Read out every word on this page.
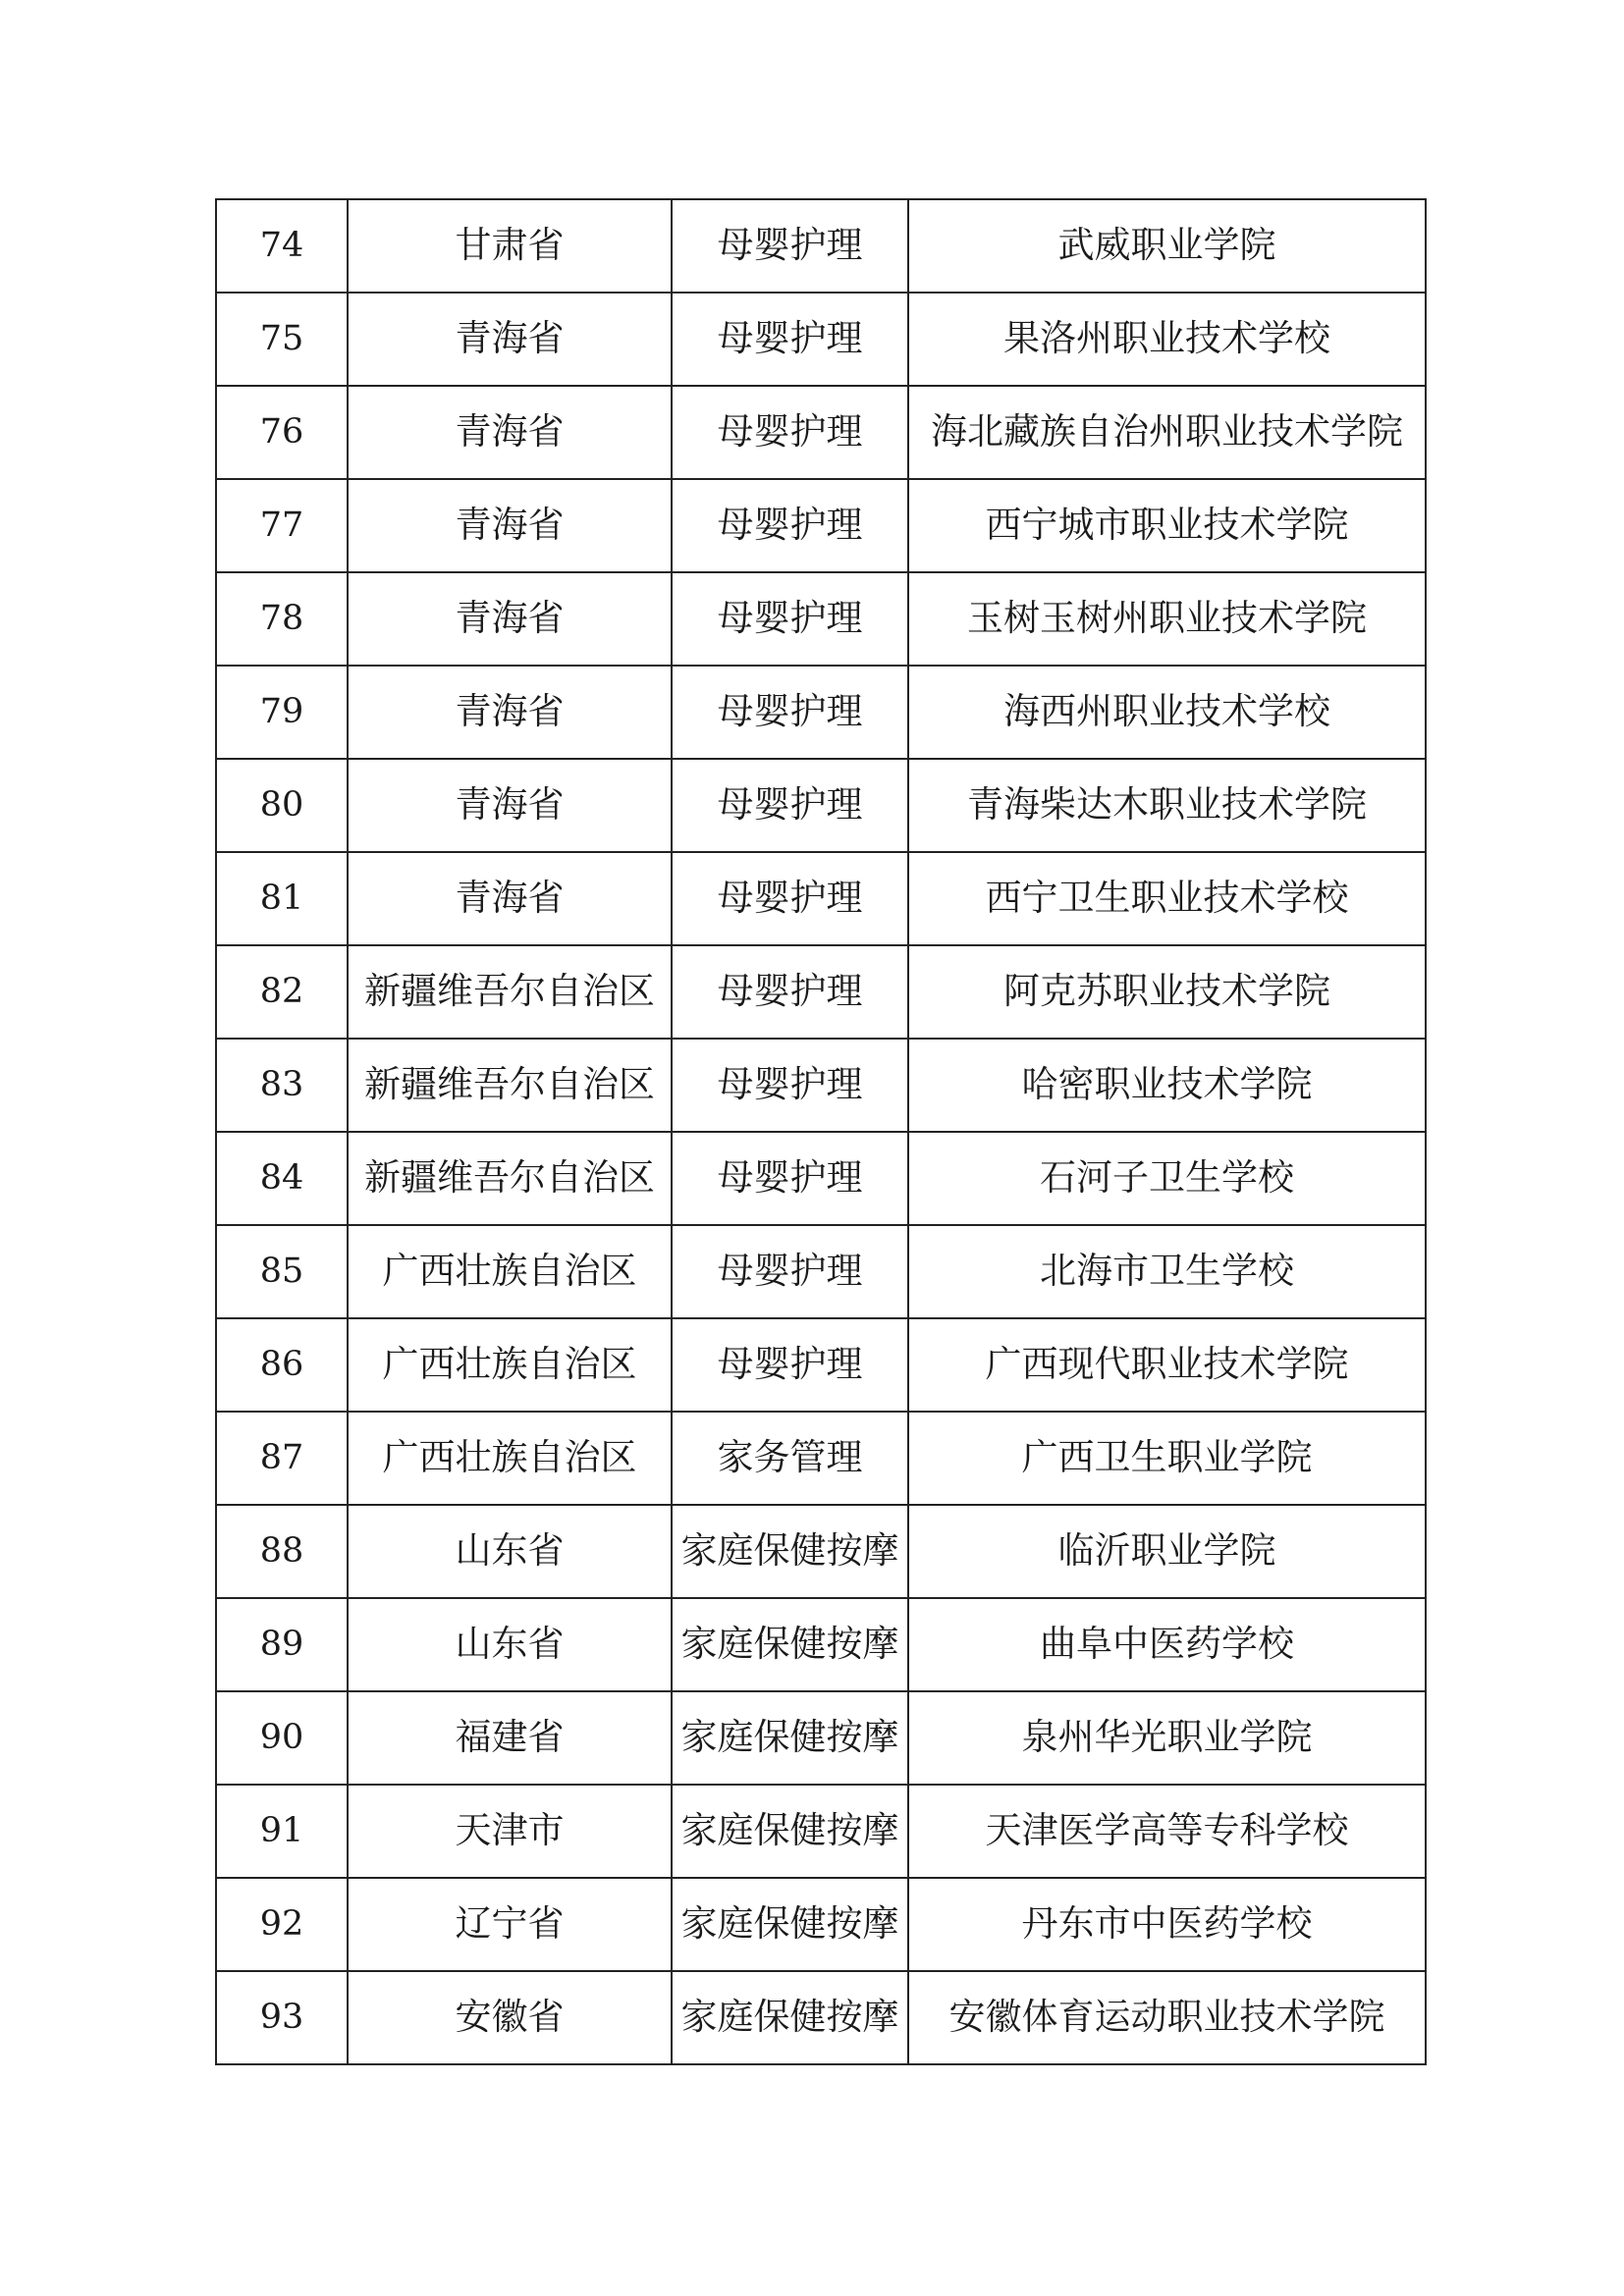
74	甘肃省	母婴护理	武威职业学院
75	青海省	母婴护理	果洛州职业技术学校
76	青海省	母婴护理	海北藏族自治州职业技术学院
77	青海省	母婴护理	西宁城市职业技术学院
78	青海省	母婴护理	玉树玉树州职业技术学院
79	青海省	母婴护理	海西州职业技术学校
80	青海省	母婴护理	青海柴达木职业技术学院
81	青海省	母婴护理	西宁卫生职业技术学校
82	新疆维吾尔自治区	母婴护理	阿克苏职业技术学院
83	新疆维吾尔自治区	母婴护理	哈密职业技术学院
84	新疆维吾尔自治区	母婴护理	石河子卫生学校
85	广西壮族自治区	母婴护理	北海市卫生学校
86	广西壮族自治区	母婴护理	广西现代职业技术学院
87	广西壮族自治区	家务管理	广西卫生职业学院
88	山东省	家庭保健按摩	临沂职业学院
89	山东省	家庭保健按摩	曲阜中医药学校
90	福建省	家庭保健按摩	泉州华光职业学院
91	天津市	家庭保健按摩	天津医学高等专科学校
92	辽宁省	家庭保健按摩	丹东市中医药学校
93	安徽省	家庭保健按摩	安徽体育运动职业技术学院
